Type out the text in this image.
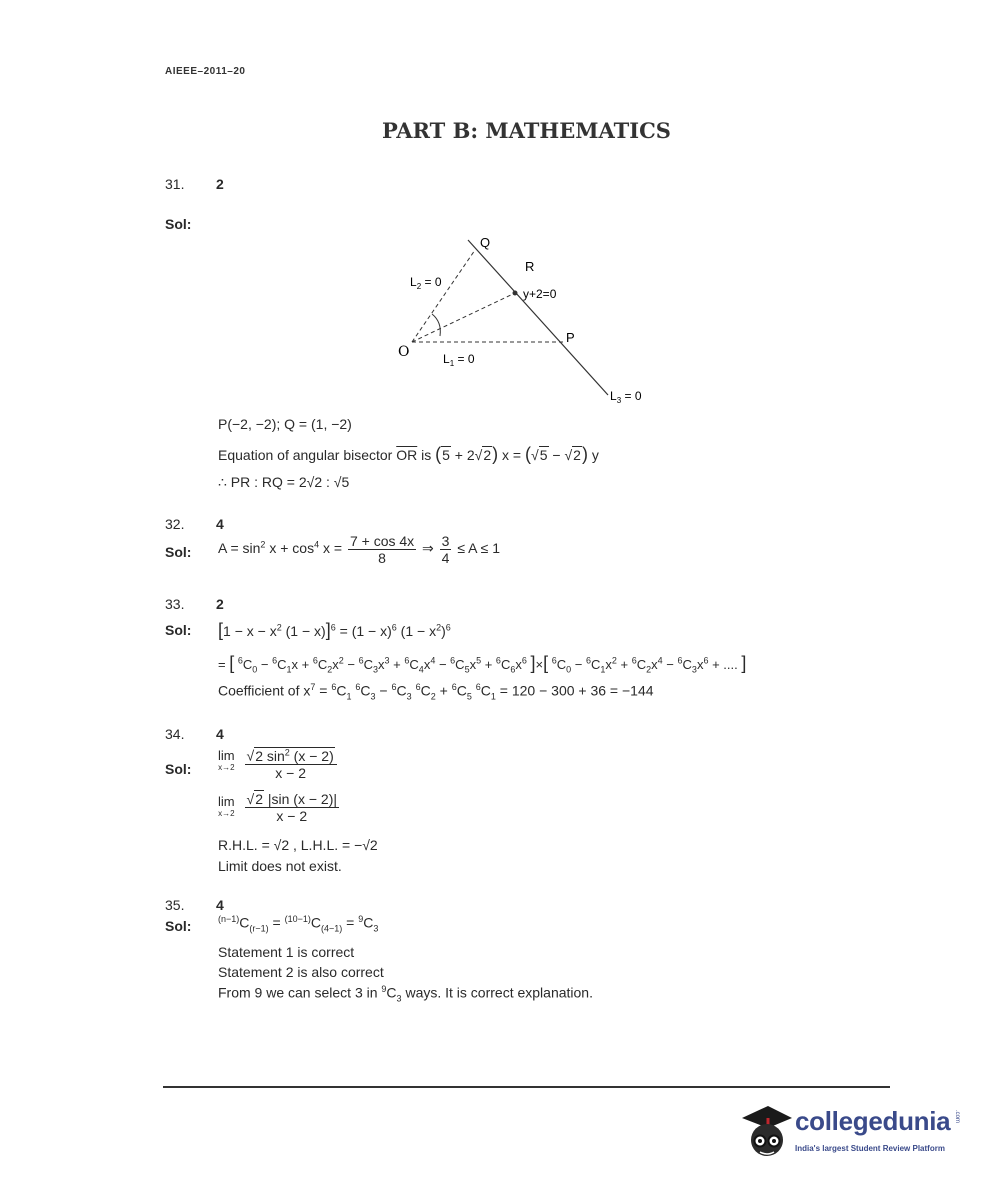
AIEEE–2011–20
PART B: MATHEMATICS
31. 2
Sol:
Q
R
y+2=0
P
O
$L_2 = 0$
$L_1 = 0$
$L_3 = 0$
P(−2, −2); Q = (1, −2)
Equation of angular bisector $\overline{OR}$ is (5 + 2√2) x = (√5 − √2) y
∴ PR : RQ = 2√2 : √5
32. 4
Sol: $A = \sin^2 x + \cos^4 x = \frac{7 + \cos 4x}{8}$ ⇒ $\frac{3}{4} \le A \le 1$
33. 2
Sol: [$1 - x - x^2$ $(1 - x)]^6 = (1 - x)^6$ $(1 - x^2)^6$
= [ $^6C_0 - ^6C_1x + ^6C_2x^2 - ^6C_3x^3 + ^6C_4x^4 - ^6C_5x^5 + ^6C_6x^6$ ]×[ $^6C_0 - ^6C_1x^2 + ^6C_2x^4 - ^6C_3x^6$ + .... ]
Coefficient of $x^7 = ^6C_1$ $^6C_3 - ^6C_3$ $^6C_2 + ^6C_5$ $^6C_1 = 120 - 300 + 36 = -144$
34. 4
Sol:
lim
x→2
$\frac{√2 \sin^2 (x - 2)}{x - 2}$
lim
x→2
$\frac{√2 |\sin (x - 2)|}{x - 2}$
R.H.L. = √2 , L.H.L. = −√2
Limit does not exist.
35. 4
Sol:	$^{(n-1)}C_{(r-1)} = ^{(10-1)}C_{(4-1)} = ^9C_3$
Statement 1 is correct
Statement 2 is also correct
From 9 we can select 3 in $^9C_3$ ways. It is correct explanation.
collegedunia .com
India's largest Student Review Platform
